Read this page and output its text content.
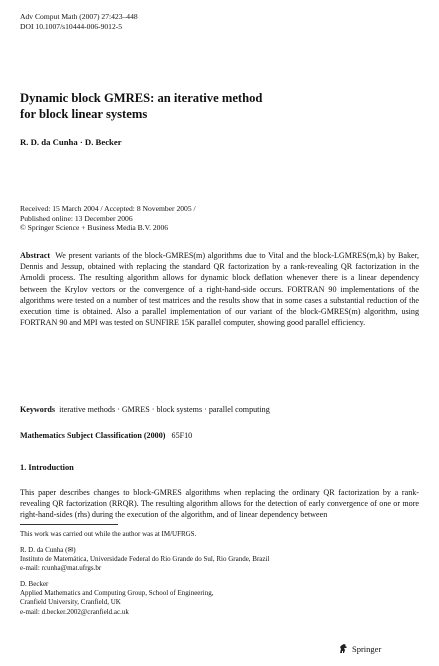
Adv Comput Math (2007) 27:423–448
DOI 10.1007/s10444-006-9012-5
Dynamic block GMRES: an iterative method
for block linear systems
R. D. da Cunha · D. Becker
Received: 15 March 2004 / Accepted: 8 November 2005 /
Published online: 13 December 2006
© Springer Science + Business Media B.V. 2006
Abstract We present variants of the block-GMRES(m) algorithms due to Vital and the block-LGMRES(m,k) by Baker, Dennis and Jessup, obtained with replacing the standard QR factorization by a rank-revealing QR factorization in the Arnoldi process. The resulting algorithm allows for dynamic block deflation whenever there is a linear dependency between the Krylov vectors or the convergence of a right-hand-side occurs. FORTRAN 90 implementations of the algorithms were tested on a number of test matrices and the results show that in some cases a substantial reduction of the execution time is obtained. Also a parallel implementation of our variant of the block-GMRES(m) algorithm, using FORTRAN 90 and MPI was tested on SUNFIRE 15K parallel computer, showing good parallel efficiency.
Keywords iterative methods · GMRES · block systems · parallel computing
Mathematics Subject Classification (2000) 65F10
1. Introduction
This paper describes changes to block-GMRES algorithms when replacing the ordinary QR factorization by a rank-revealing QR factorization (RRQR). The resulting algorithm allows for the detection of early convergence of one or more right-hand-sides (rhs) during the execution of the algorithm, and of linear dependency between
This work was carried out while the author was at IM/UFRGS.
R. D. da Cunha (✉)
Instituto de Matemática, Universidade Federal do Rio Grande do Sul, Rio Grande, Brazil
e-mail: rcunha@mat.ufrgs.br
D. Becker
Applied Mathematics and Computing Group, School of Engineering,
Cranfield University, Cranfield, UK
e-mail: d.becker.2002@cranfield.ac.uk
Springer
